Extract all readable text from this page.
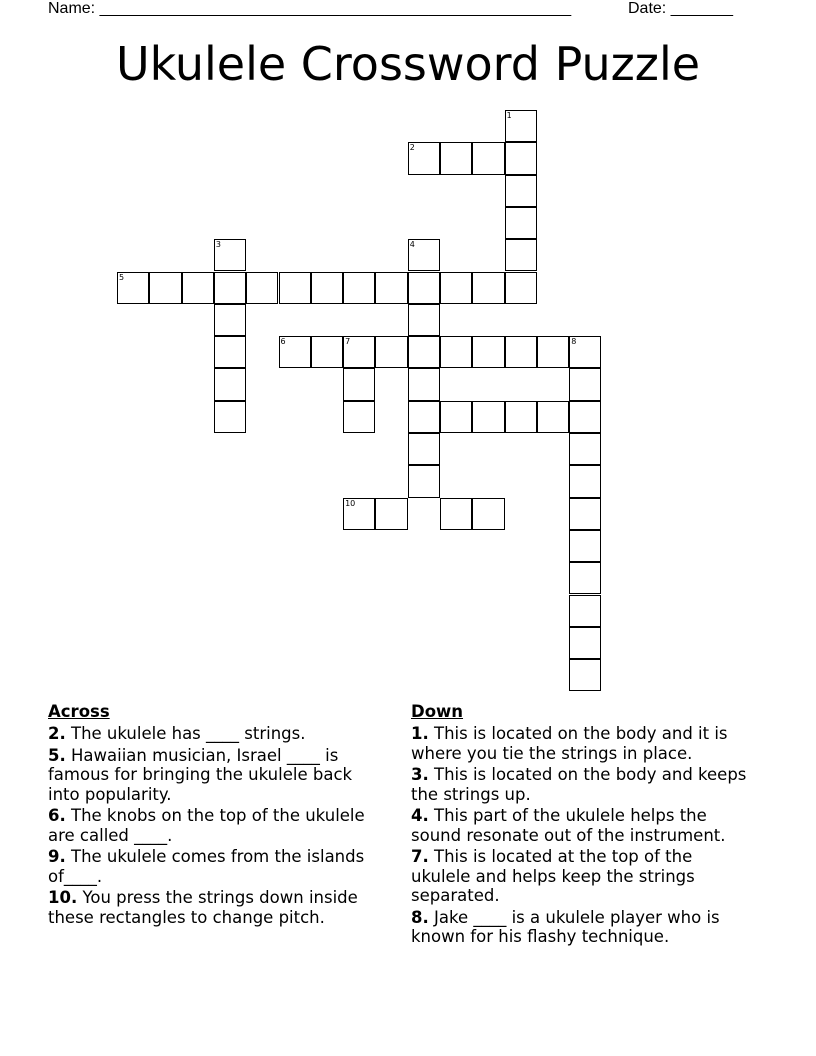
Name: _____________________________________________________	Date: _______
Ukulele Crossword Puzzle
1
2
3	4
5
6	7	8
10
Across
2. The ukulele has ____ strings.
5. Hawaiian musician, Israel ____ is famous for bringing the ukulele back into popularity.
6. The knobs on the top of the ukulele are called ____.
9. The ukulele comes from the islands of____.
10. You press the strings down inside these rectangles to change pitch.
Down
1. This is located on the body and it is where you tie the strings in place.
3. This is located on the body and keeps the strings up.
4. This part of the ukulele helps the sound resonate out of the instrument.
7. This is located at the top of the ukulele and helps keep the strings separated.
8. Jake ____ is a ukulele player who is known for his flashy technique.
